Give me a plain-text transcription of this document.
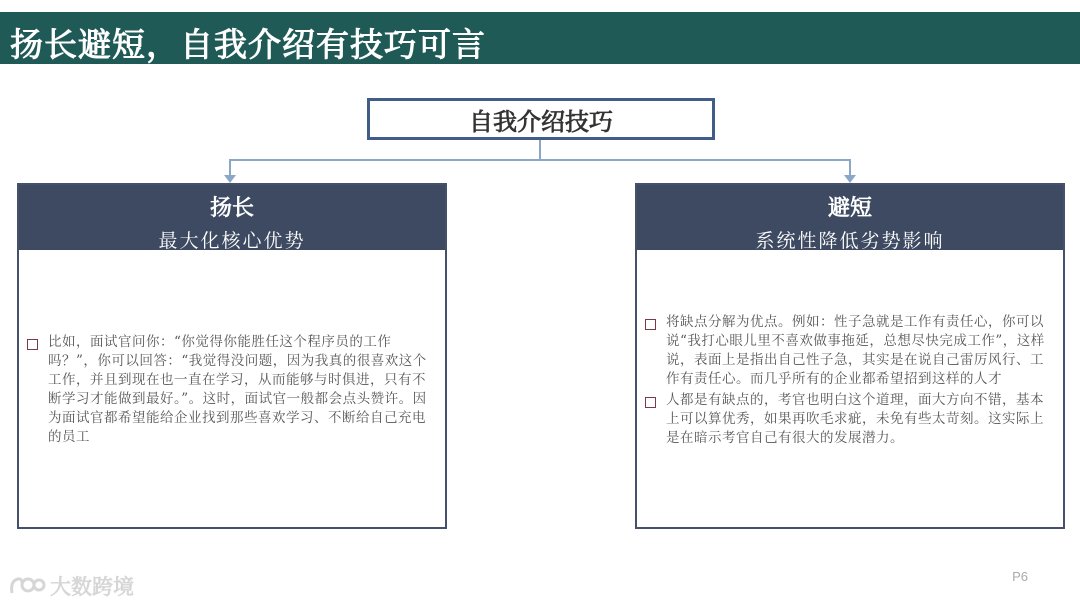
扬长避短，自我介绍有技巧可言
自我介绍技巧
扬长
最大化核心优势
比如，面试官问你：“你觉得你能胜任这个程序员的工作吗？”，你可以回答：“我觉得没问题，因为我真的很喜欢这个工作，并且到现在也一直在学习，从而能够与时俱进，只有不断学习才能做到最好。”。这时，面试官一般都会点头赞许。因为面试官都希望能给企业找到那些喜欢学习、不断给自己充电的员工
避短
系统性降低劣势影响
将缺点分解为优点。例如：性子急就是工作有责任心，你可以说“我打心眼儿里不喜欢做事拖延，总想尽快完成工作”，这样说，表面上是指出自己性子急，其实是在说自己雷厉风行、工作有责任心。而几乎所有的企业都希望招到这样的人才
人都是有缺点的，考官也明白这个道理，面大方向不错，基本上可以算优秀，如果再吹毛求疵，未免有些太苛刻。这实际上是在暗示考官自己有很大的发展潜力。
大数跨境	P6
